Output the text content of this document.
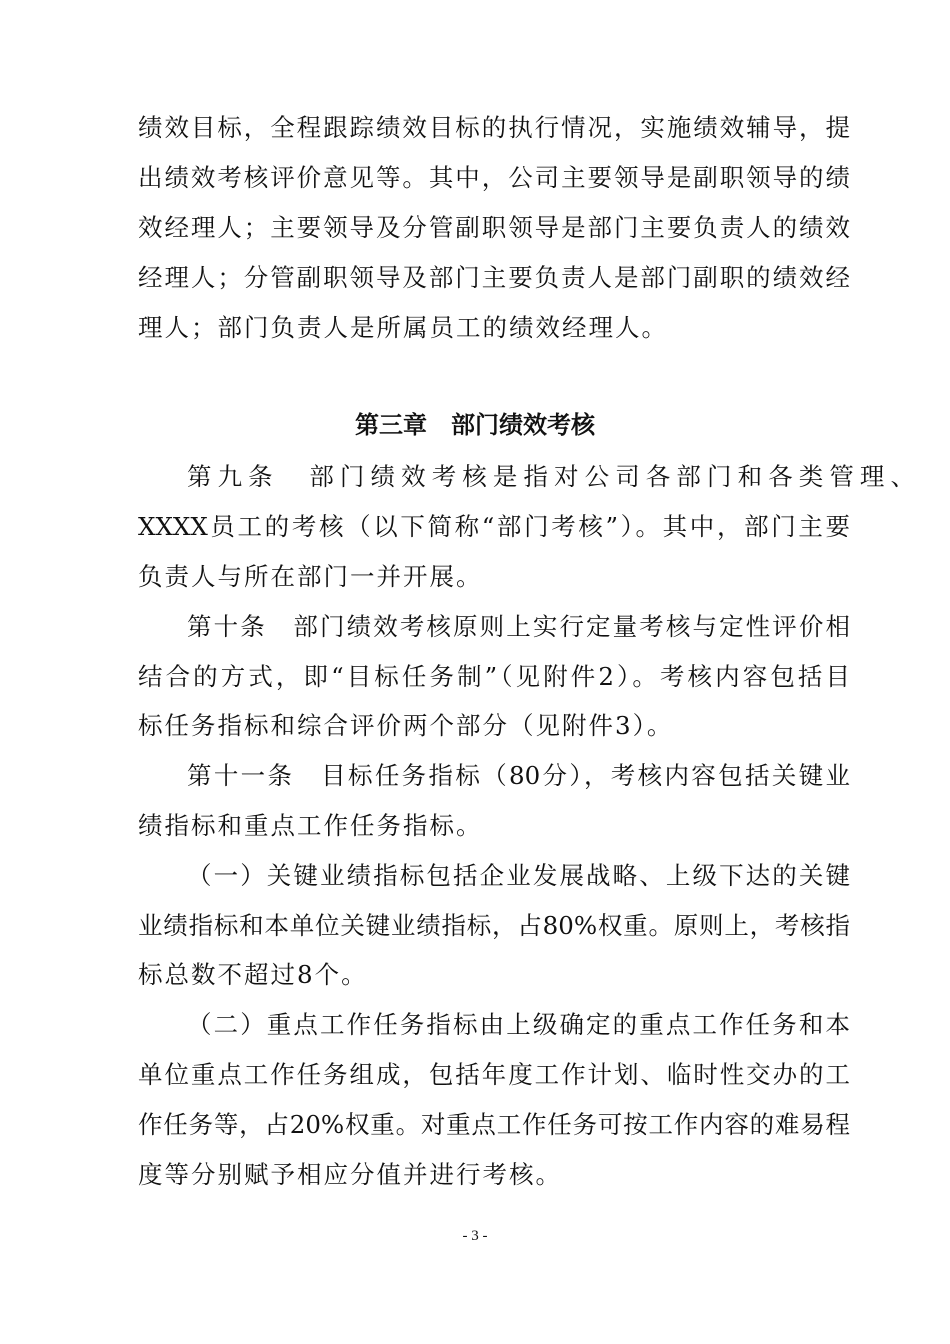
绩效目标，全程跟踪绩效目标的执行情况，实施绩效辅导，提
出绩效考核评价意见等。其中，公司主要领导是副职领导的绩
效经理人；主要领导及分管副职领导是部门主要负责人的绩效
经理人；分管副职领导及部门主要负责人是部门副职的绩效经
理人；部门负责人是所属员工的绩效经理人。
第三章　部门绩效考核
第九条　部门绩效考核是指对公司各部门和各类管理、
XXXX员工的考核（以下简称“部门考核”）。其中，部门主要
负责人与所在部门一并开展。
第十条　部门绩效考核原则上实行定量考核与定性评价相
结合的方式，即“目标任务制”（见附件2）。考核内容包括目
标任务指标和综合评价两个部分（见附件3）。
第十一条　目标任务指标（80分），考核内容包括关键业
绩指标和重点工作任务指标。
（一）关键业绩指标包括企业发展战略、上级下达的关键
业绩指标和本单位关键业绩指标，占80%权重。原则上，考核指
标总数不超过8个。
（二）重点工作任务指标由上级确定的重点工作任务和本
单位重点工作任务组成，包括年度工作计划、临时性交办的工
作任务等，占20%权重。对重点工作任务可按工作内容的难易程
度等分别赋予相应分值并进行考核。
- 3 -
